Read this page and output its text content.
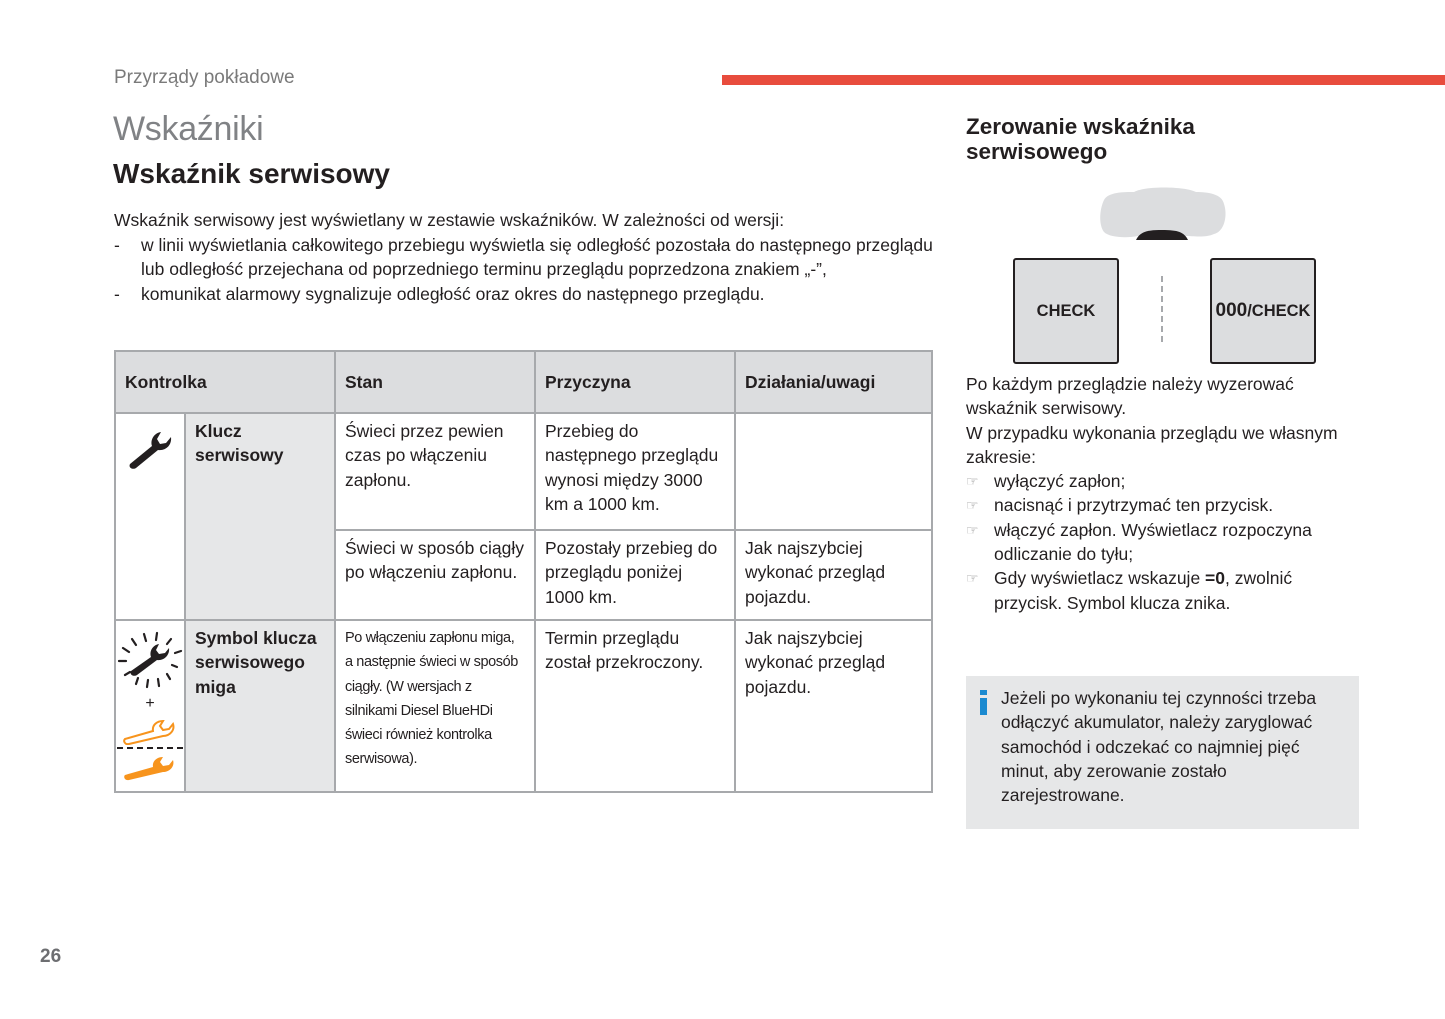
Przyrządy pokładowe
Wskaźniki
Wskaźnik serwisowy

Wskaźnik serwisowy jest wyświetlany w zestawie wskaźników. W zależności od wersji:

-	w linii wyświetlania całkowitego przebiegu wyświetla się odległość pozostała do następnego przeglądu lub odległość przejechana od poprzedniego terminu przeglądu poprzedzona znakiem „-”,
-	komunikat alarmowy sygnalizuje odległość oraz okres do następnego przeglądu.
Kontrolka		Stan	Przyczyna	Działania/uwagi

	Klucz serwisowy	Świeci przez pewien czas po włączeniu zapłonu.	Przebieg do następnego przeglądu wynosi między 3000 km a 1000 km.	
		Świeci w sposób ciągły po włączeniu zapłonu.	Pozostały przebieg do przeglądu poniżej 1000 km.	Jak najszybciej wykonać przegląd pojazdu.

+	Symbol klucza serwisowego miga	Po włączeniu zapłonu miga, a następnie świeci w sposób ciągły. (W wersjach z silnikami Diesel BlueHDi świeci również kontrolka serwisowa).	Termin przeglądu został przekroczony.	Jak najszybciej wykonać przegląd pojazdu.
Zerowanie wskaźnika serwisowego
CHECK	000 /CHECK

Po każdym przeglądzie należy wyzerować wskaźnik serwisowy.

W przypadku wykonania przeglądu we własnym zakresie:

☞ wyłączyć zapłon;
☞ nacisnąć i przytrzymać ten przycisk.
☞ włączyć zapłon. Wyświetlacz rozpoczyna odliczanie do tyłu;
☞ Gdy wyświetlacz wskazuje =0, zwolnić przycisk. Symbol klucza znika.
Jeżeli po wykonaniu tej czynności trzeba odłączyć akumulator, należy zaryglować samochód i odczekać co najmniej pięć minut, aby zerowanie zostało zarejestrowane.
26
